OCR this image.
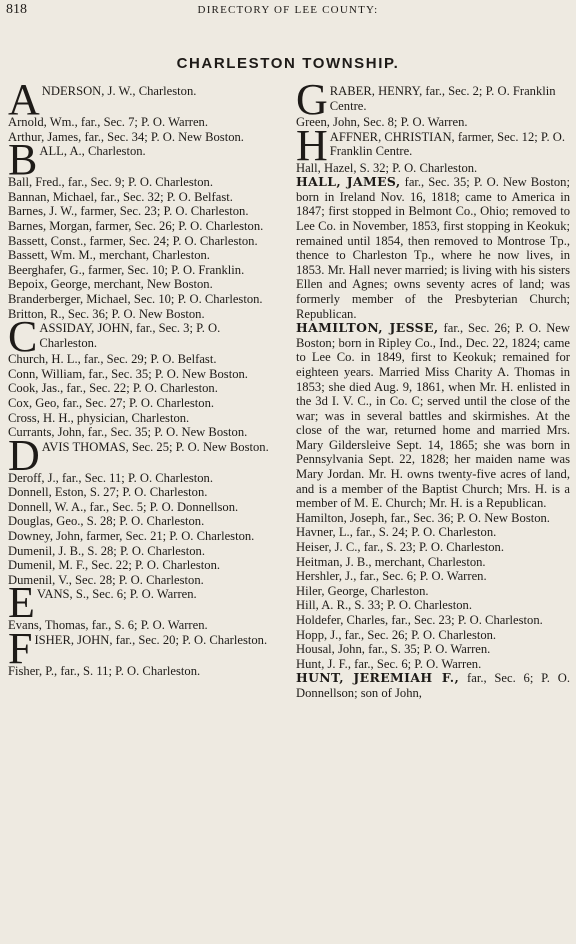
818	DIRECTORY OF LEE COUNTY:
CHARLESTON TOWNSHIP.
A NDERSON, J. W., Charleston.

Arnold, Wm., far., Sec. 7; P. O. Warren.

Arthur, James, far., Sec. 34; P. O. New Boston.

B ALL, A., Charleston.

Ball, Fred., far., Sec. 9; P. O. Charleston.

Bannan, Michael, far., Sec. 32; P. O. Belfast.

Barnes, J. W., farmer, Sec. 23; P. O. Charleston.

Barnes, Morgan, farmer, Sec. 26; P. O. Charleston.

Bassett, Const., farmer, Sec. 24; P. O. Charleston.

Bassett, Wm. M., merchant, Charleston.

Beerghafer, G., farmer, Sec. 10; P. O. Franklin.

Bepoix, George, merchant, New Boston.

Branderberger, Michael, Sec. 10; P. O. Charleston.

Britton, R., Sec. 36; P. O. New Boston.

C ASSIDAY, JOHN, far., Sec. 3; P. O. Charleston.

Church, H. L., far., Sec. 29; P. O. Belfast.

Conn, William, far., Sec. 35; P. O. New Boston.

Cook, Jas., far., Sec. 22; P. O. Charleston.

Cox, Geo, far., Sec. 27; P. O. Charleston.

Cross, H. H., physician, Charleston.

Currants, John, far., Sec. 35; P. O. New Boston.

D AVIS THOMAS, Sec. 25; P. O. New Boston.

Deroff, J., far., Sec. 11; P. O. Charleston.

Donnell, Eston, S. 27; P. O. Charleston.

Donnell, W. A., far., Sec. 5; P. O. Donnellson.

Douglas, Geo., S. 28; P. O. Charleston.

Downey, John, farmer, Sec. 21; P. O. Charleston.

Dumenil, J. B., S. 28; P. O. Charleston.

Dumenil, M. F., Sec. 22; P. O. Charleston.

Dumenil, V., Sec. 28; P. O. Charleston.

E VANS, S., Sec. 6; P. O. Warren.

Evans, Thomas, far., S. 6; P. O. Warren.

F ISHER, JOHN, far., Sec. 20; P. O. Charleston.

Fisher, P., far., S. 11; P. O. Charleston.

G RABER, HENRY, far., Sec. 2; P. O. Franklin Centre.

Green, John, Sec. 8; P. O. Warren.

H AFFNER, CHRISTIAN, farmer, Sec. 12; P. O. Franklin Centre.

Hall, Hazel, S. 32; P. O. Charleston.

HALL, JAMES, far., Sec. 35; P. O. New Boston; born in Ireland Nov. 16, 1818; came to America in 1847; first stopped in Belmont Co., Ohio; removed to Lee Co. in November, 1853, first stopping in Keokuk; remained until 1854, then removed to Montrose Tp., thence to Charleston Tp., where he now lives, in 1853. Mr. Hall never married; is living with his sisters Ellen and Agnes; owns seventy acres of land; was formerly member of the Presbyterian Church; Republican.

HAMILTON, JESSE, far., Sec. 26; P. O. New Boston; born in Ripley Co., Ind., Dec. 22, 1824; came to Lee Co. in 1849, first to Keokuk; remained for eighteen years. Married Miss Charity A. Thomas in 1853; she died Aug. 9, 1861, when Mr. H. enlisted in the 3d I. V. C., in Co. C; served until the close of the war; was in several battles and skirmishes. At the close of the war, returned home and married Mrs. Mary Gildersleive Sept. 14, 1865; she was born in Pennsylvania Sept. 22, 1828; her maiden name was Mary Jordan. Mr. H. owns twenty-five acres of land, and is a member of the Baptist Church; Mrs. H. is a member of M. E. Church; Mr. H. is a Republican.

Hamilton, Joseph, far., Sec. 36; P. O. New Boston.

Havner, L., far., S. 24; P. O. Charleston.

Heiser, J. C., far., S. 23; P. O. Charleston.

Heitman, J. B., merchant, Charleston.

Hershler, J., far., Sec. 6; P. O. Warren.

Hiler, George, Charleston.

Hill, A. R., S. 33; P. O. Charleston.

Holdefer, Charles, far., Sec. 23; P. O. Charleston.

Hopp, J., far., Sec. 26; P. O. Charleston.

Housal, John, far., S. 35; P. O. Warren.

Hunt, J. F., far., Sec. 6; P. O. Warren.

HUNT, JEREMIAH F., far., Sec. 6; P. O. Donnellson; son of John,
